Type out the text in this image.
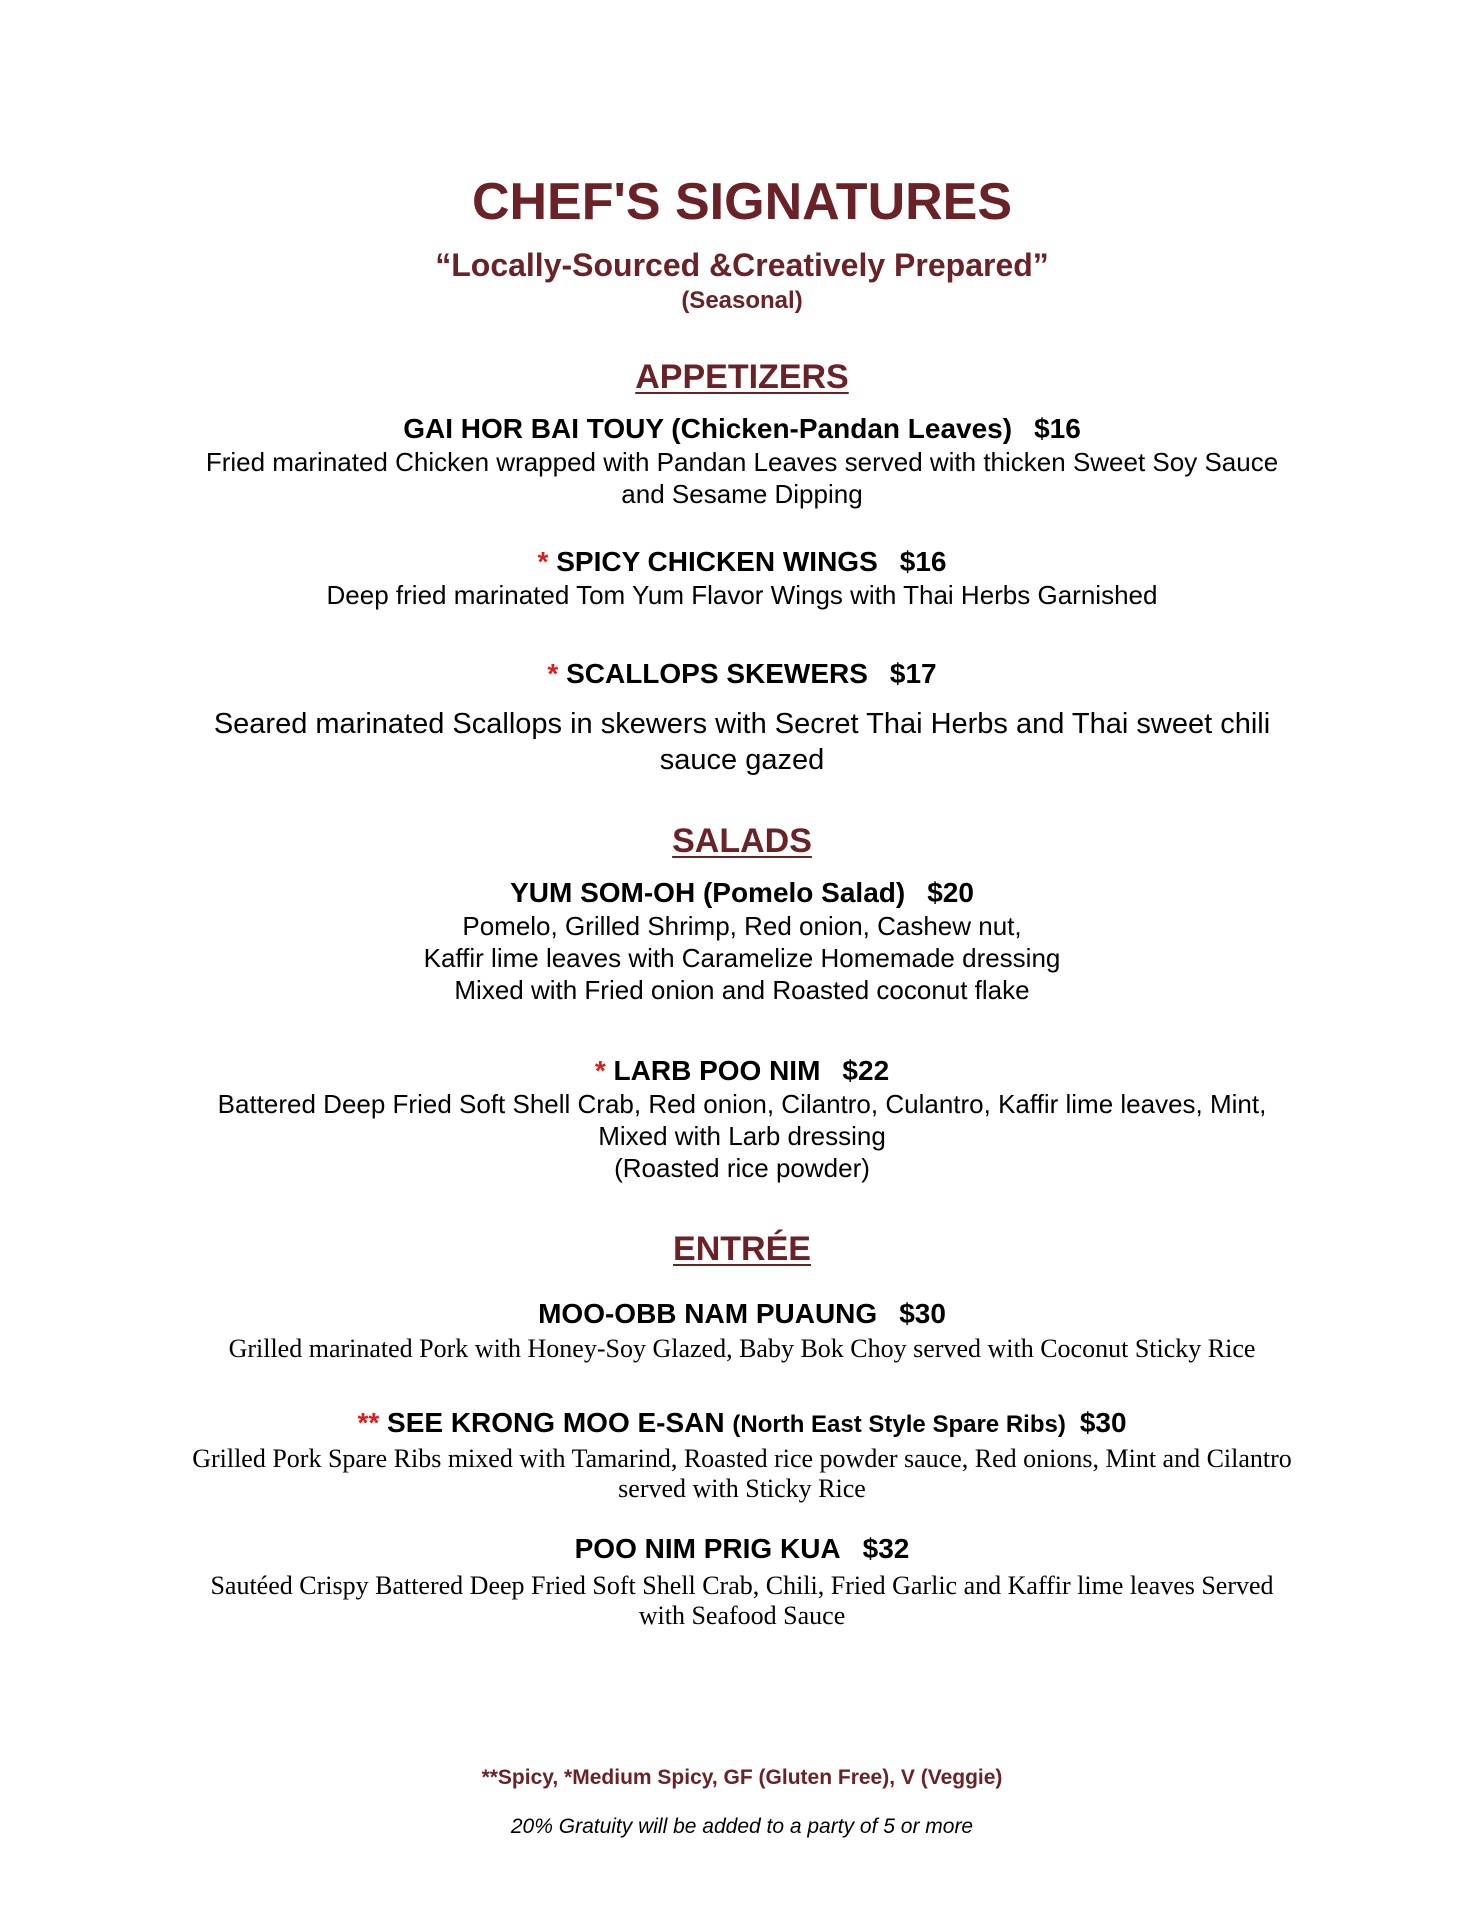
CHEF'S SIGNATURES
“Locally-Sourced &Creatively Prepared”
(Seasonal)
APPETIZERS
GAI HOR BAI TOUY (Chicken-Pandan Leaves) $16
Fried marinated Chicken wrapped with Pandan Leaves served with thicken Sweet Soy Sauce
and Sesame Dipping
* SPICY CHICKEN WINGS $16
Deep fried marinated Tom Yum Flavor Wings with Thai Herbs Garnished
* SCALLOPS SKEWERS $17
Seared marinated Scallops in skewers with Secret Thai Herbs and Thai sweet chili
sauce gazed
SALADS
YUM SOM-OH (Pomelo Salad) $20
Pomelo, Grilled Shrimp, Red onion, Cashew nut,
Kaffir lime leaves with Caramelize Homemade dressing
Mixed with Fried onion and Roasted coconut flake
* LARB POO NIM $22
Battered Deep Fried Soft Shell Crab, Red onion, Cilantro, Culantro, Kaffir lime leaves, Mint,
Mixed with Larb dressing
(Roasted rice powder)
ENTRÉE
MOO-OBB NAM PUAUNG $30
Grilled marinated Pork with Honey-Soy Glazed, Baby Bok Choy served with Coconut Sticky Rice
** SEE KRONG MOO E-SAN (North East Style Spare Ribs) $30
Grilled Pork Spare Ribs mixed with Tamarind, Roasted rice powder sauce, Red onions, Mint and Cilantro
served with Sticky Rice
POO NIM PRIG KUA $32
Sautéed Crispy Battered Deep Fried Soft Shell Crab, Chili, Fried Garlic and Kaffir lime leaves Served
with Seafood Sauce
**Spicy, *Medium Spicy, GF (Gluten Free), V (Veggie)
20% Gratuity will be added to a party of 5 or more
